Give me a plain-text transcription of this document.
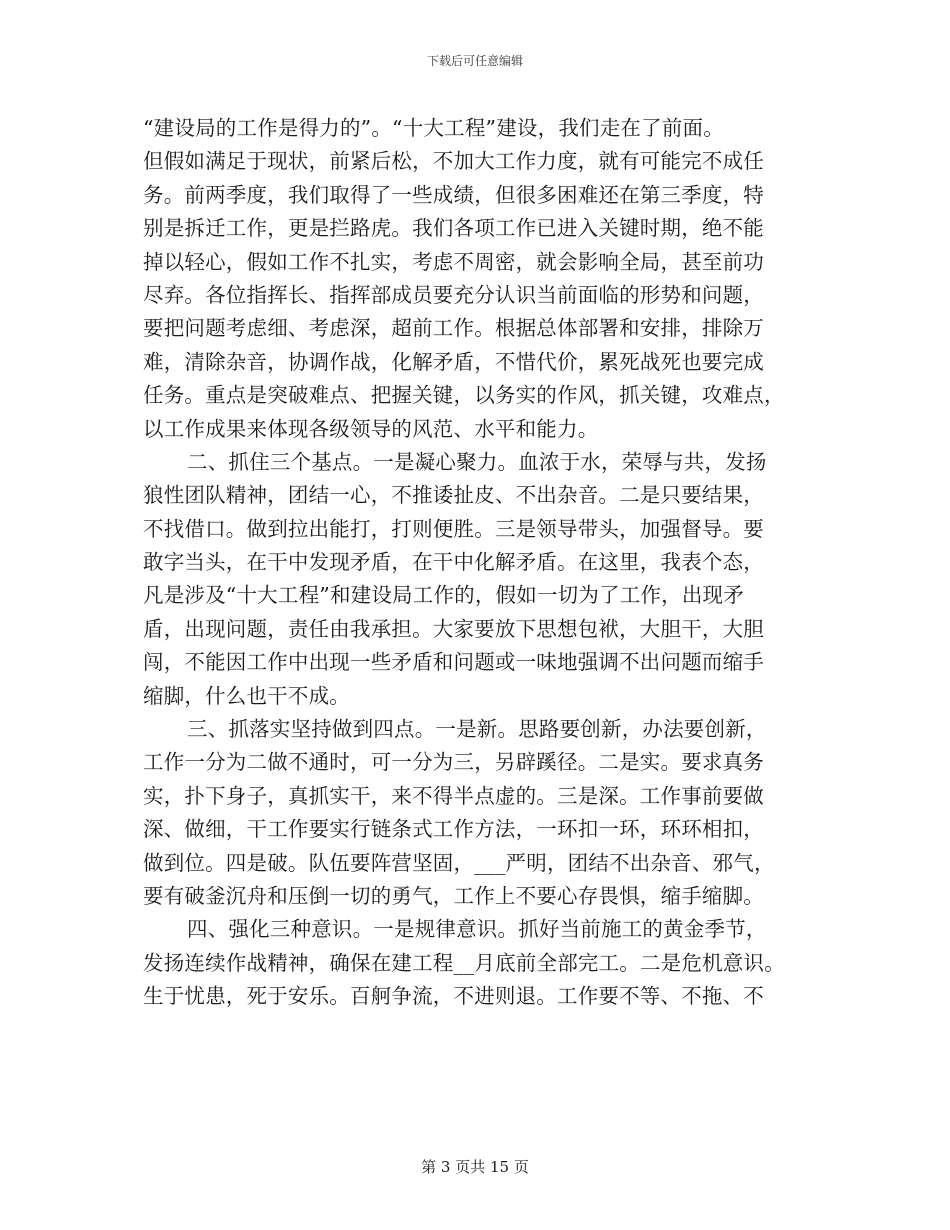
下载后可任意编辑
“建设局的工作是得力的”。“十大工程”建设，我们走在了前面。
但假如满足于现状，前紧后松，不加大工作力度，就有可能完不成任
务。前两季度，我们取得了一些成绩，但很多困难还在第三季度，特
别是拆迁工作，更是拦路虎。我们各项工作已进入关键时期，绝不能
掉以轻心，假如工作不扎实，考虑不周密，就会影响全局，甚至前功
尽弃。各位指挥长、指挥部成员要充分认识当前面临的形势和问题，
要把问题考虑细、考虑深，超前工作。根据总体部署和安排，排除万
难，清除杂音，协调作战，化解矛盾，不惜代价，累死战死也要完成
任务。重点是突破难点、把握关键，以务实的作风，抓关键，攻难点，
以工作成果来体现各级领导的风范、水平和能力。
二、抓住三个基点。一是凝心聚力。血浓于水，荣辱与共，发扬
狼性团队精神，团结一心，不推诿扯皮、不出杂音。二是只要结果，
不找借口。做到拉出能打，打则便胜。三是领导带头，加强督导。要
敢字当头，在干中发现矛盾，在干中化解矛盾。在这里，我表个态，
凡是涉及“十大工程”和建设局工作的，假如一切为了工作，出现矛
盾，出现问题，责任由我承担。大家要放下思想包袱，大胆干，大胆
闯，不能因工作中出现一些矛盾和问题或一味地强调不出问题而缩手
缩脚，什么也干不成。
三、抓落实坚持做到四点。一是新。思路要创新，办法要创新，
工作一分为二做不通时，可一分为三，另辟蹊径。二是实。要求真务
实，扑下身子，真抓实干，来不得半点虚的。三是深。工作事前要做
深、做细，干工作要实行链条式工作方法，一环扣一环，环环相扣，
做到位。四是破。队伍要阵营坚固，___严明，团结不出杂音、邪气，
要有破釜沉舟和压倒一切的勇气，工作上不要心存畏惧，缩手缩脚。
四、强化三种意识。一是规律意识。抓好当前施工的黄金季节，
发扬连续作战精神，确保在建工程__月底前全部完工。二是危机意识。
生于忧患，死于安乐。百舸争流，不进则退。工作要不等、不拖、不
第 3 页共 15 页
